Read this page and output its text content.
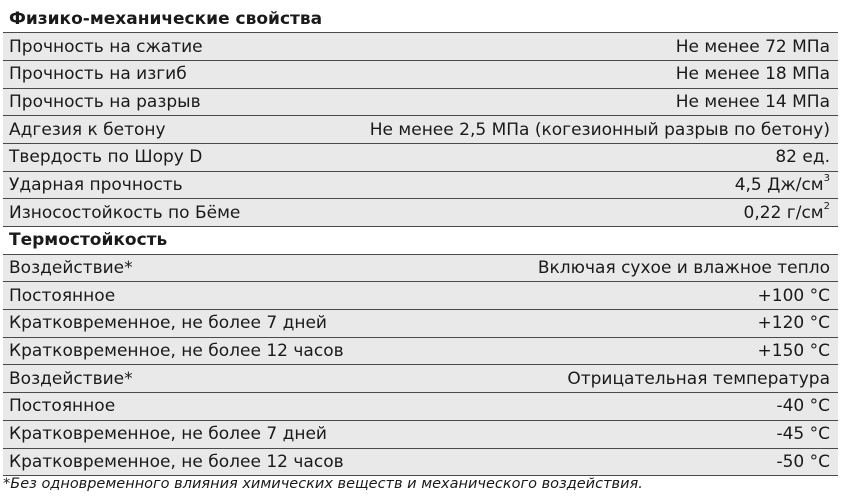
Физико-механические свойства	
Прочность на сжатие	Не менее 72 МПа
Прочность на изгиб	Не менее 18 МПа
Прочность на разрыв	Не менее 14 МПа
Адгезия к бетону	Не менее 2,5 МПа (когезионный разрыв по бетону)
Твердость по Шору D	82 ед.
Ударная прочность	4,5 $Дж/см^3$
Износостойкость по Бёме	0,22 $г/см^2$
Термостойкость	
Воздействие*	Включая сухое и влажное тепло
Постоянное	+100 °C
Кратковременное, не более 7 дней	+120 °C
Кратковременное, не более 12 часов	+150 °C
Воздействие*	Отрицательная температура
Постоянное	-40 °C
Кратковременное, не более 7 дней	-45 °C
Кратковременное, не более 12 часов	-50 °C
*Без одновременного влияния химических веществ и механического воздействия.
